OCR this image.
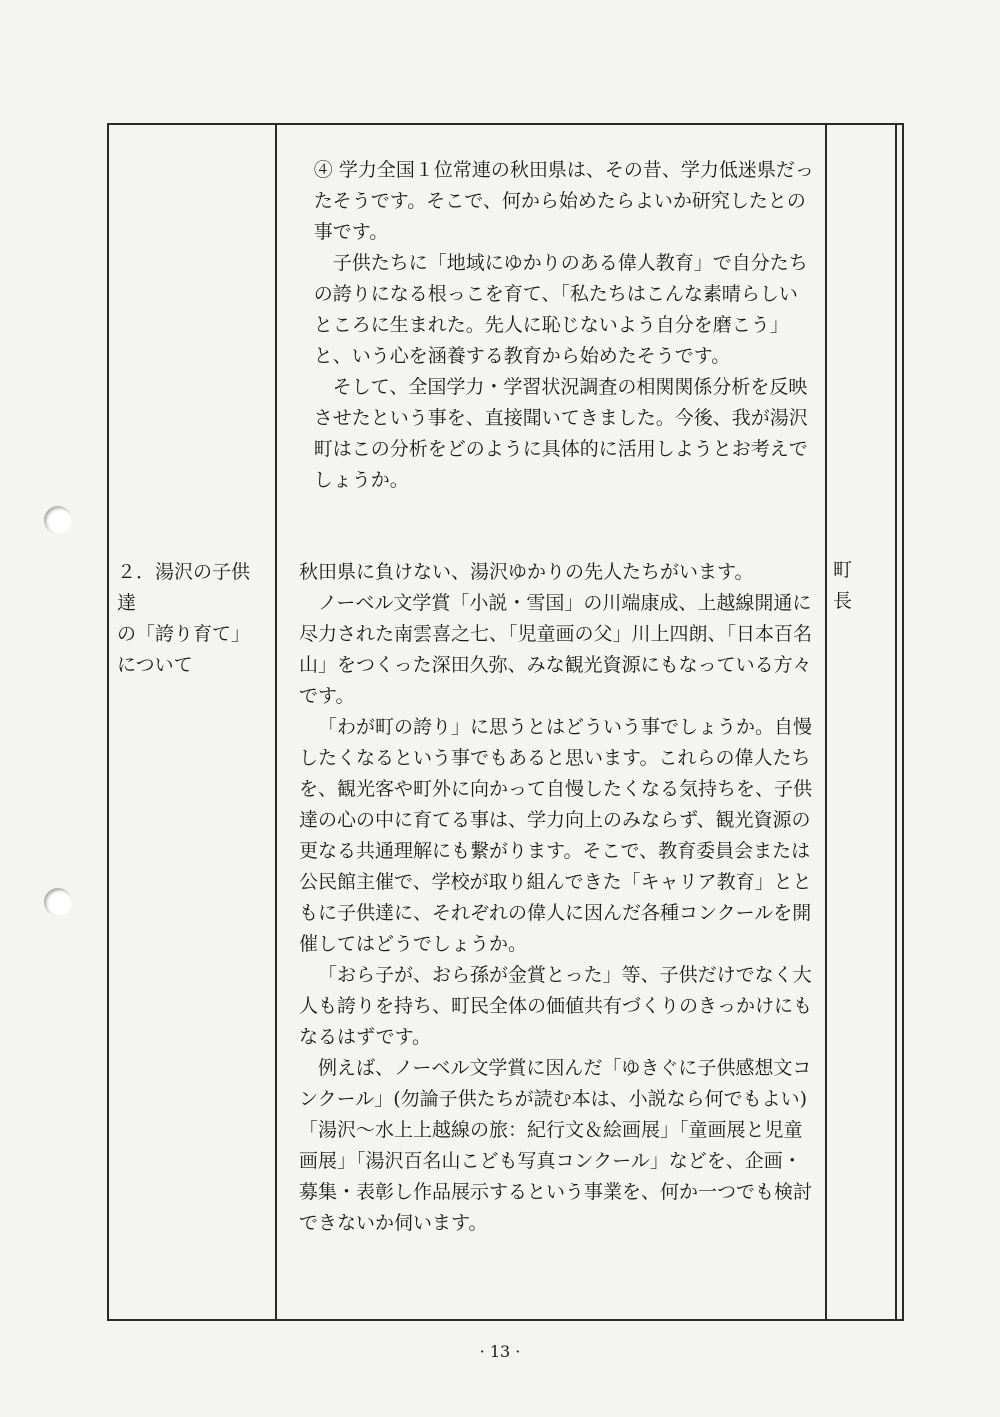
④ 学力全国１位常連の秋田県は、その昔、学力低迷県だったそうです。そこで、何から始めたらよいか研究したとの事です。

子供たちに「地域にゆかりのある偉人教育」で自分たちの誇りになる根っこを育て、「私たちはこんな素晴らしいところに生まれた。先人に恥じないよう自分を磨こう」と、いう心を涵養する教育から始めたそうです。

そして、全国学力・学習状況調査の相関関係分析を反映させたという事を、直接聞いてきました。今後、我が湯沢町はこの分析をどのように具体的に活用しようとお考えでしょうか。

２．湯沢の子供達
の「誇り育て」
について

秋田県に負けない、湯沢ゆかりの先人たちがいます。

ノーベル文学賞「小説・雪国」の川端康成、上越線開通に尽力された南雲喜之七、「児童画の父」川上四朗、「日本百名山」をつくった深田久弥、みな観光資源にもなっている方々です。

「わが町の誇り」に思うとはどういう事でしょうか。自慢したくなるという事でもあると思います。これらの偉人たちを、観光客や町外に向かって自慢したくなる気持ちを、子供達の心の中に育てる事は、学力向上のみならず、観光資源の更なる共通理解にも繋がります。そこで、教育委員会または公民館主催で、学校が取り組んできた「キャリア教育」とともに子供達に、それぞれの偉人に因んだ各種コンクールを開催してはどうでしょうか。

「おら子が、おら孫が金賞とった」等、子供だけでなく大人も誇りを持ち、町民全体の価値共有づくりのきっかけにもなるはずです。

例えば、ノーベル文学賞に因んだ「ゆきぐに子供感想文コンクール」(勿論子供たちが読む本は、小説なら何でもよい)「湯沢～水上上越線の旅：紀行文＆絵画展」「童画展と児童画展」「湯沢百名山こども写真コンクール」などを、企画・募集・表彰し作品展示するという事業を、何か一つでも検討できないか伺います。

町長
· 13 ·
